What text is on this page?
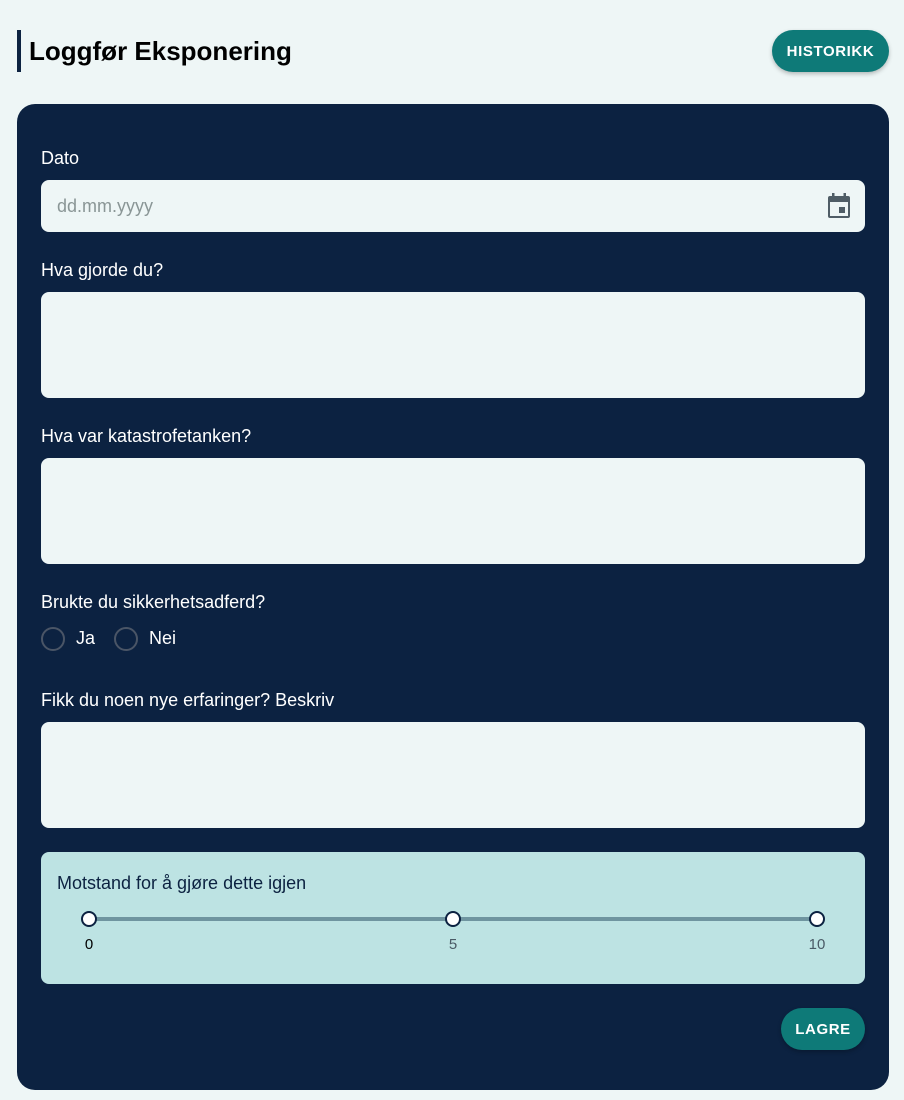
Loggfør Eksponering	HISTORIKK
Dato
dd.mm.yyyy
Hva gjorde du?
Hva var katastrofetanken?
Brukte du sikkerhetsadferd?
Ja	Nei
Fikk du noen nye erfaringer? Beskriv
Motstand for å gjøre dette igjen
0	5	10
LAGRE
